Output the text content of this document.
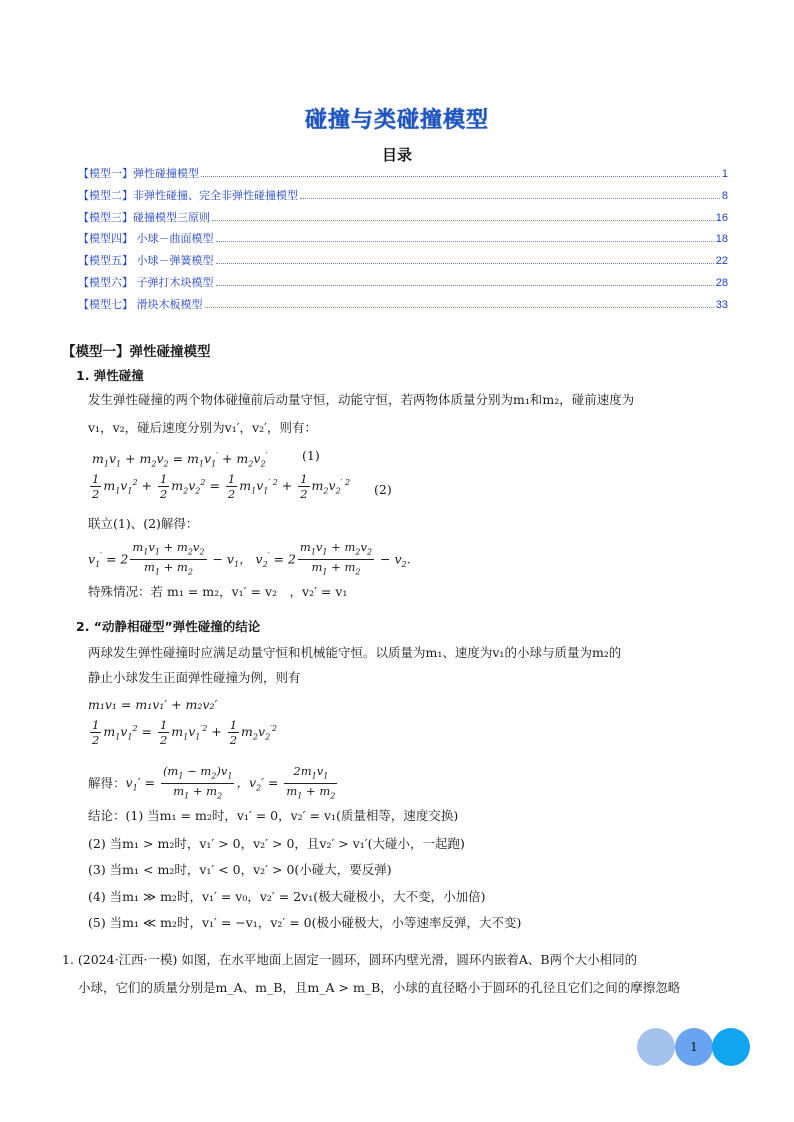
碰撞与类碰撞模型
目录
【模型一】弹性碰撞模型	1
【模型二】非弹性碰撞、完全非弹性碰撞模型	8
【模型三】碰撞模型三原则	16
【模型四】 小球－曲面模型	18
【模型五】 小球－弹簧模型	22
【模型六】 子弹打木块模型	28
【模型七】 滑块木板模型	33
【模型一】弹性碰撞模型
1. 弹性碰撞
发生弹性碰撞的两个物体碰撞前后动量守恒，动能守恒，若两物体质量分别为m₁和m₂，碰前速度为
v₁，v₂，碰后速度分别为v₁′，v₂′，则有：
$m_1v_1 + m_2v_2 = m_1v_1' + m_2v_2'$	(1)
$\frac{1}{2} m_1v_1^2 + \frac{1}{2} m_2v_2^2 = \frac{1}{2} m_1v_1^{' 2} + \frac{1}{2} m_2v_2^{' 2}$ (2)
联立(1)、(2)解得：
$v_1' = 2 \frac{m_1v_1 + m_2v_2}{m_1 + m_2} - v_1$， $v_2' = 2 \frac{m_1v_1 + m_2v_2}{m_1 + m_2} - v_2$.
特殊情况：若 m₁ = m₂，v₁′ = v₂　，v₂′ = v₁
2. “动静相碰型”弹性碰撞的结论
两球发生弹性碰撞时应满足动量守恒和机械能守恒。以质量为m₁、速度为v₁的小球与质量为m₂的
静止小球发生正面弹性碰撞为例，则有
m₁v₁ = m₁v₁′ + m₂v₂′
$\frac{1}{2} m_1v_1^2 = \frac{1}{2} m_1v_1^{'2} + \frac{1}{2} m_2v_2^{'2}$
解得：$v_1' = \frac{(m_1 - m_2)v_1}{m_1 + m_2}$ ，$v_2' = \frac{2m_1v_1}{m_1 + m_2}$
结论：(1) 当m₁ = m₂时，v₁′ = 0，v₂′ = v₁(质量相等，速度交换)
(2) 当m₁ > m₂时，v₁′ > 0，v₂′ > 0，且v₂′ > v₁′(大碰小，一起跑)
(3) 当m₁ < m₂时，v₁′ < 0，v₂′ > 0(小碰大，要反弹)
(4) 当m₁ ≫ m₂时，v₁′ = v₀，v₂′ = 2v₁(极大碰极小，大不变，小加倍)
(5) 当m₁ ≪ m₂时，v₁′ = −v₁，v₂′ = 0(极小碰极大，小等速率反弹，大不变)
1. (2024·江西·一模) 如图，在水平地面上固定一圆环，圆环内壁光滑，圆环内嵌着A、B两个大小相同的
小球，它们的质量分别是m_A、m_B，且m_A > m_B，小球的直径略小于圆环的孔径且它们之间的摩擦忽略
1
